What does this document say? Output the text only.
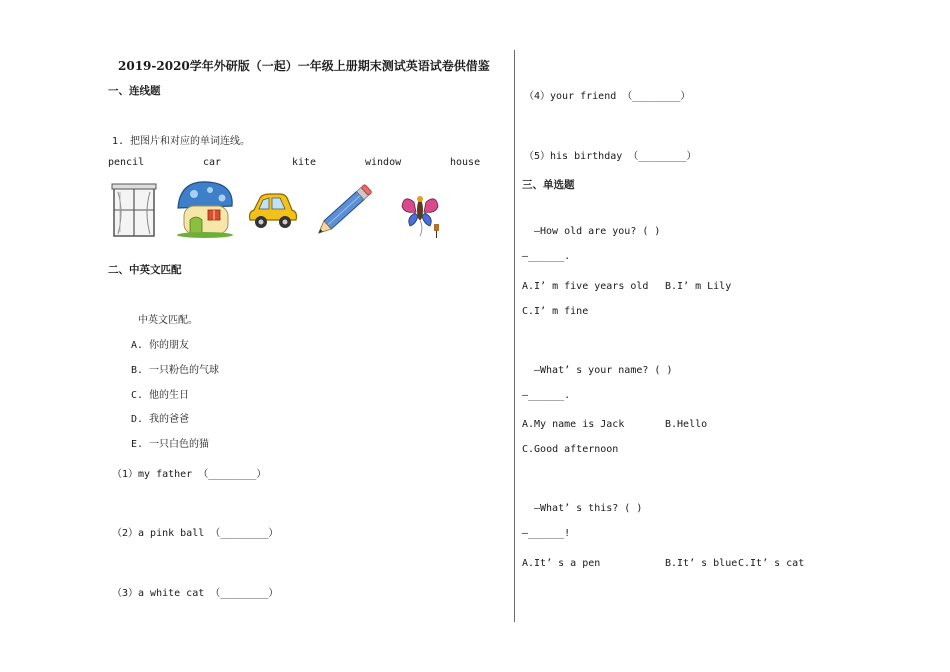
2019-2020学年外研版（一起）一年级上册期末测试英语试卷供借鉴
一、连线题
1. 把图片和对应的单词连线。
pencil	car	kite	window	house
二、中英文匹配
中英文匹配。
A. 你的朋友
B. 一只粉色的气球
C. 他的生日
D. 我的爸爸
E. 一只白色的猫
（1）my father （________）
（2）a pink ball （________）
（3）a white cat （________）
（4）your friend （________）
（5）his birthday （________）
三、单选题
—How old are you? ( )
—______.
A.I’ m five years old B.I’ m Lily
C.I’ m fine
—What’ s your name? ( )
—______.
A.My name is Jack	B.Hello
C.Good afternoon
—What’ s this? ( )
—______!
A.It’ s a pen	B.It’ s blue C.It’ s cat
